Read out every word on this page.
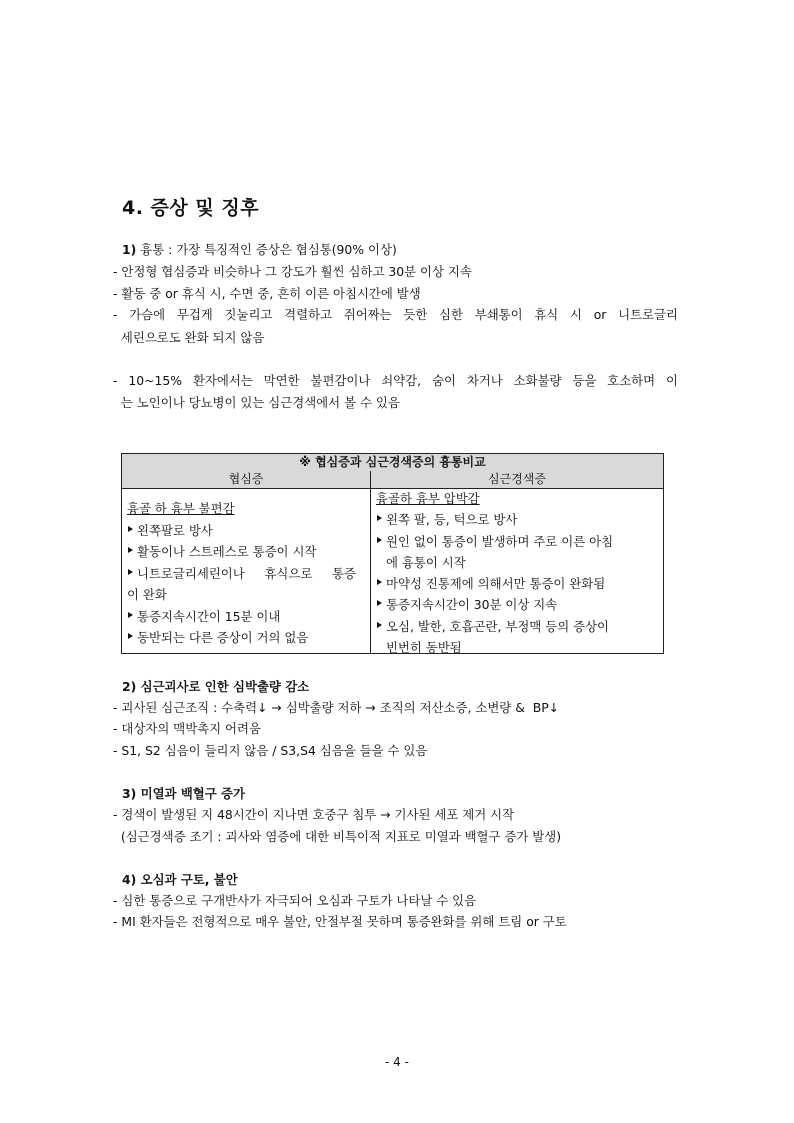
4. 증상 및 징후
1) 흉통 : 가장 특징적인 증상은 협심통(90% 이상)
- 안정형 협심증과 비슷하나 그 강도가 훨씬 심하고 30분 이상 지속
- 활동 중 or 휴식 시, 수면 중, 흔히 이른 아침시간에 발생
- 가슴에 무겁게 짓눌리고 격렬하고 쥐어짜는 듯한 심한 부쇄통이 휴식 시 or 니트로글리
세린으로도 완화 되지 않음
- 10~15% 환자에서는 막연한 불편감이나 쇠약감, 숨이 차거나 소화불량 등을 호소하며 이
는 노인이나 당뇨병이 있는 심근경색에서 볼 수 있음
※ 협심증과 심근경색증의 흉통비교
협심증	심근경색증
흉골 하 흉부 불편감
왼쪽팔로 방사
활동이나 스트레스로 통증이 시작
니트로글리세린이나 휴식으로 통증
이 완화
통증지속시간이 15분 이내
동반되는 다른 증상이 거의 없음
흉골하 흉부 압박감
왼쪽 팔, 등, 턱으로 방사
원인 없이 통증이 발생하며 주로 이른 아침
에 흉통이 시작
마약성 진통제에 의해서만 통증이 완화됨
통증지속시간이 30분 이상 지속
오심, 발한, 호흡곤란, 부정맥 등의 증상이
빈번히 동반됨
2) 심근괴사로 인한 심박출량 감소
- 괴사된 심근조직 : 수축력↓ → 심박출량 저하 → 조직의 저산소증, 소변량 &  BP↓
- 대상자의 맥박촉지 어려움
- S1, S2 심음이 들리지 않음 / S3,S4 심음을 들을 수 있음
3) 미열과 백혈구 증가
- 경색이 발생된 지 48시간이 지나면 호중구 침투 → 기사된 세포 제거 시작
(심근경색증 조기 : 괴사와 염증에 대한 비특이적 지표로 미열과 백혈구 증가 발생)
4) 오심과 구토, 불안
- 심한 통증으로 구개반사가 자극되어 오심과 구토가 나타날 수 있음
- MI 환자들은 전형적으로 매우 불안, 안절부절 못하며 통증완화를 위해 트림 or 구토
- 4 -
